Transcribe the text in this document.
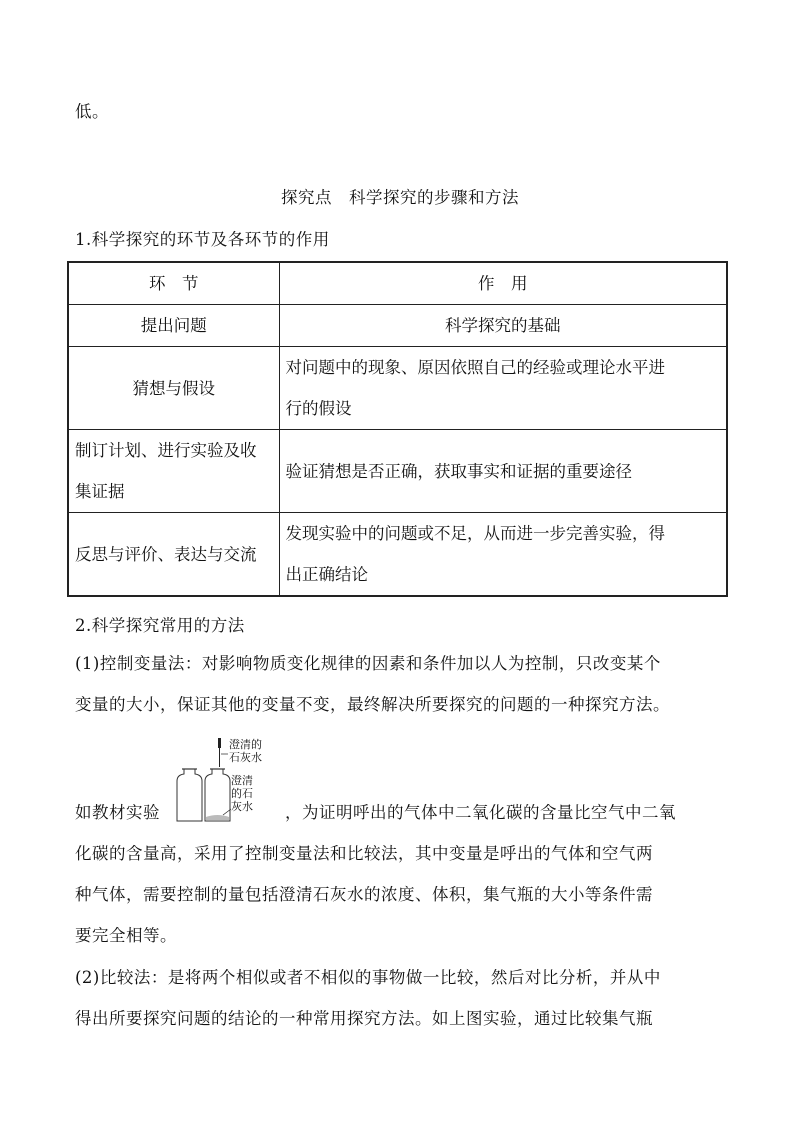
低。
探究点　科学探究的步骤和方法
1.科学探究的环节及各环节的作用
环　节	作　用
提出问题	科学探究的基础
猜想与假设	对问题中的现象、原因依照自己的经验或理论水平进
行的假设

制订计划、进行实验及收
集证据	验证猜想是否正确，获取事实和证据的重要途径
反思与评价、表达与交流	发现实验中的问题或不足，从而进一步完善实验，得
出正确结论
2.科学探究常用的方法
(1)控制变量法：对影响物质变化规律的因素和条件加以人为控制，只改变某个
变量的大小，保证其他的变量不变，最终解决所要探究的问题的一种探究方法。
澄清的
石灰水
澄清
的石
灰水
如教材实验	，为证明呼出的气体中二氧化碳的含量比空气中二氧
化碳的含量高，采用了控制变量法和比较法，其中变量是呼出的气体和空气两
种气体，需要控制的量包括澄清石灰水的浓度、体积，集气瓶的大小等条件需
要完全相等。
(2)比较法：是将两个相似或者不相似的事物做一比较，然后对比分析，并从中
得出所要探究问题的结论的一种常用探究方法。如上图实验，通过比较集气瓶
